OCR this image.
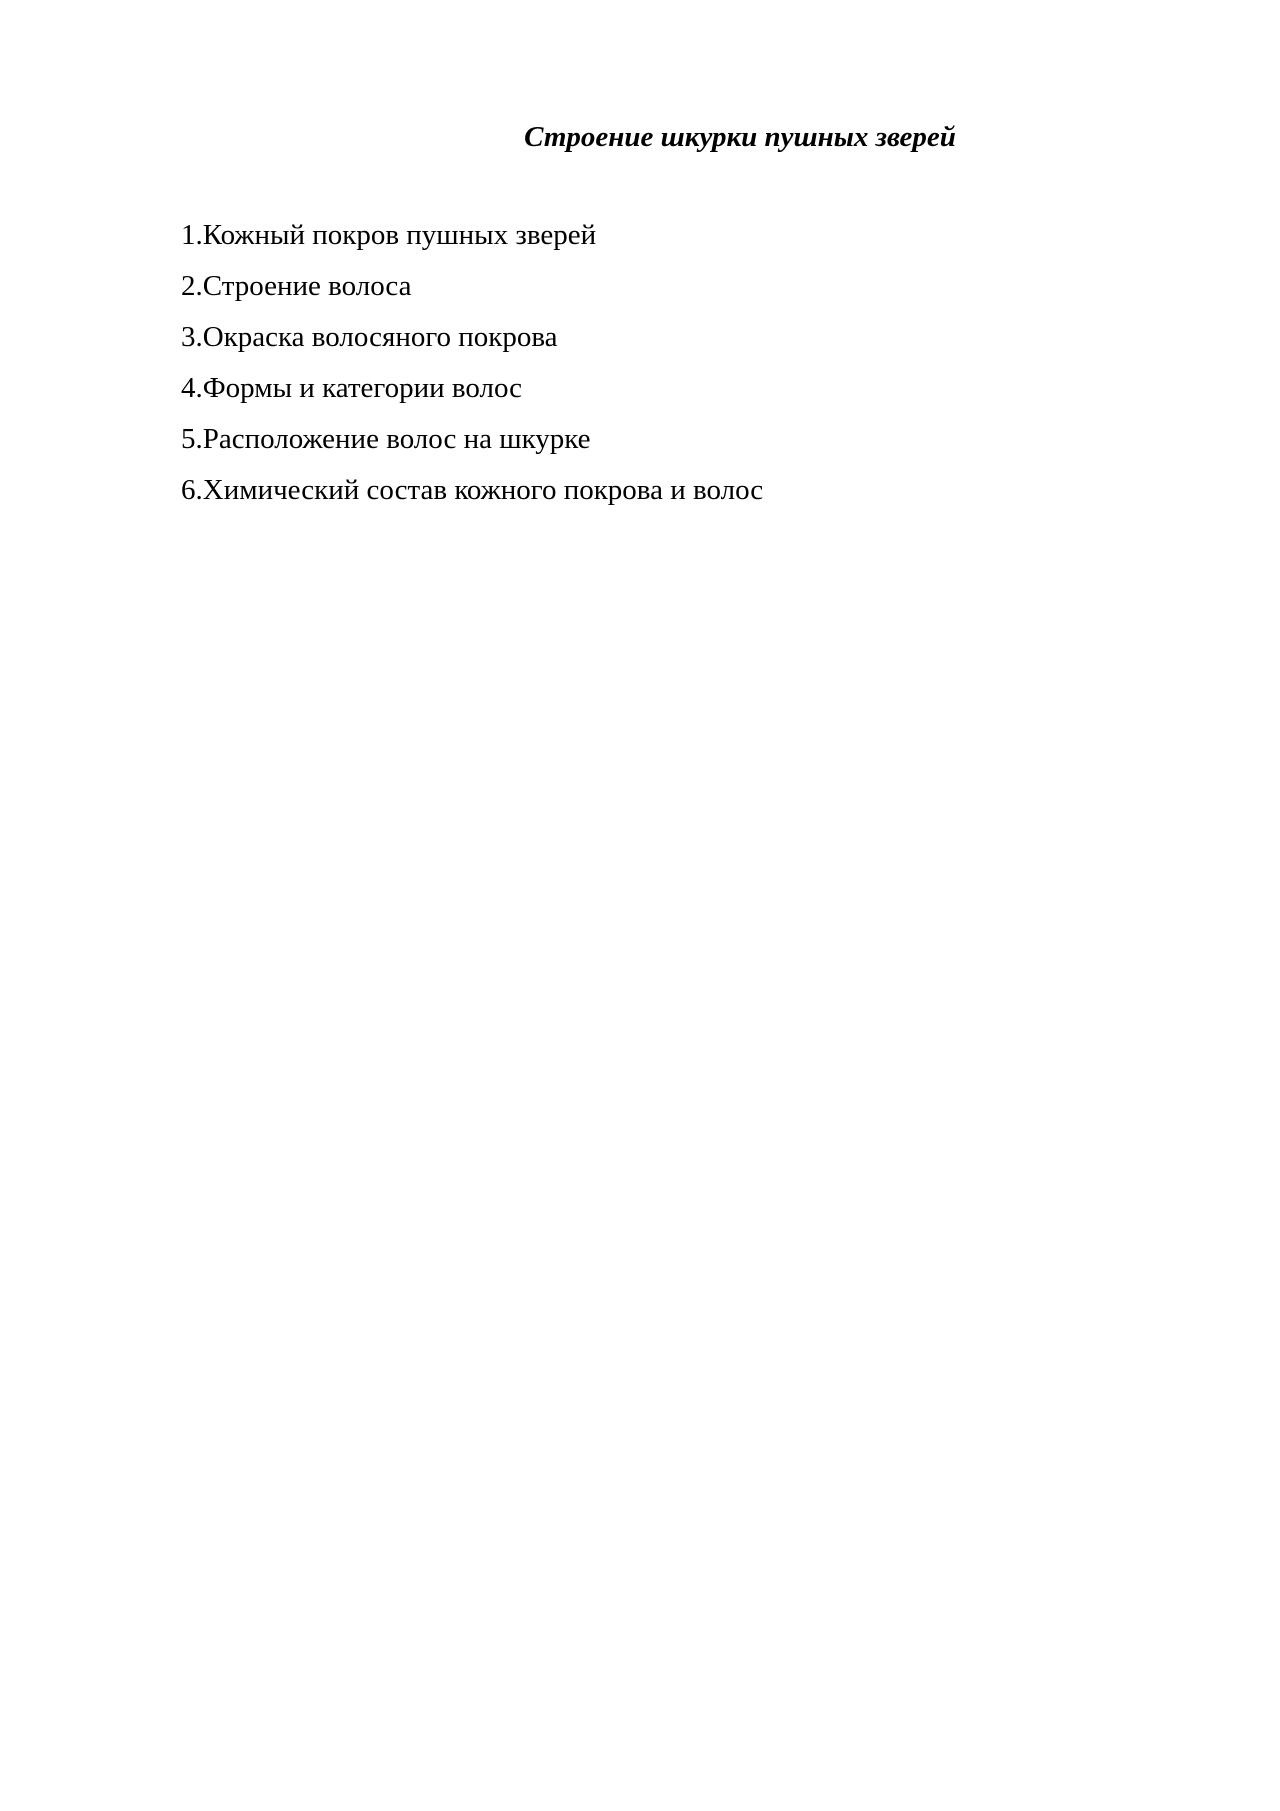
Строение шкурки пушных зверей
1 . Кожный покров пушных зверей
2 . Строение волоса
3 . Окраска волосяного покрова
4 . Формы и категории волос
5 . Расположение волос на шкурке
6 . Химический состав кожного покрова и волос
